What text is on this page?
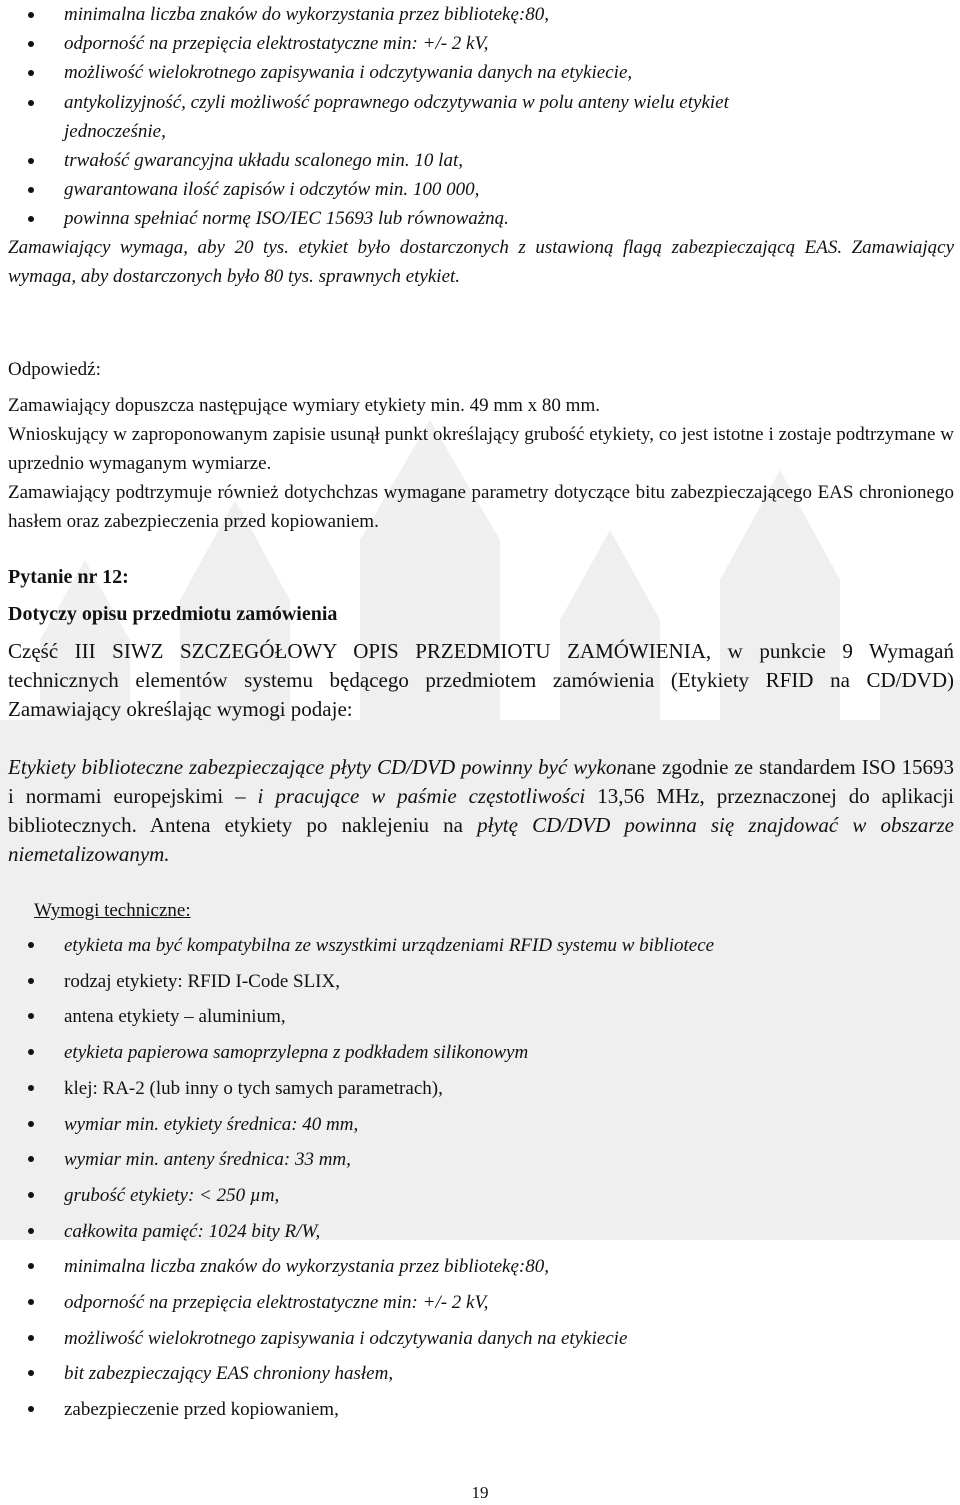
minimalna liczba znaków do wykorzystania przez bibliotekę:80,
odporność na przepięcia elektrostatyczne min: +/- 2 kV,
możliwość wielokrotnego zapisywania i odczytywania danych na etykiecie,
antykolizyjność, czyli możliwość poprawnego odczytywania w polu anteny wielu etykiet
jednocześnie,
trwałość gwarancyjna układu scalonego min. 10 lat,
gwarantowana ilość zapisów i odczytów min. 100 000,
powinna spełniać normę ISO/IEC 15693 lub równoważną.
Zamawiający wymaga, aby 20 tys. etykiet było dostarczonych z ustawioną flagą zabezpieczającą EAS. Zamawiający wymaga, aby dostarczonych było 80 tys. sprawnych etykiet.
Odpowiedź:
Zamawiający dopuszcza następujące wymiary etykiety min. 49 mm x 80 mm.
Wnioskujący w zaproponowanym zapisie usunął punkt określający grubość etykiety, co jest istotne i zostaje podtrzymane w uprzednio wymaganym wymiarze.
Zamawiający podtrzymuje również dotychchzas wymagane parametry dotyczące bitu zabezpieczającego EAS chronionego hasłem oraz zabezpieczenia przed kopiowaniem.
Pytanie nr 12:
Dotyczy opisu przedmiotu zamówienia
Część III SIWZ SZCZEGÓŁOWY OPIS PRZEDMIOTU ZAMÓWIENIA, w punkcie 9 Wymagań technicznych elementów systemu będącego przedmiotem zamówienia (Etykiety RFID na CD/DVD) Zamawiający określając wymogi podaje:
Etykiety biblioteczne zabezpieczające płyty CD/DVD powinny być wykonane zgodnie ze standardem ISO 15693 i normami europejskimi – i pracujące w paśmie częstotliwości 13,56 MHz, przeznaczonej do aplikacji bibliotecznych. Antena etykiety po naklejeniu na płytę CD/DVD powinna się znajdować w obszarze niemetalizowanym.
Wymogi techniczne:
etykieta ma być kompatybilna ze wszystkimi urządzeniami RFID systemu w bibliotece
rodzaj etykiety: RFID I-Code SLIX,
antena etykiety – aluminium,
etykieta papierowa samoprzylepna z podkładem silikonowym
klej: RA-2 (lub inny o tych samych parametrach),
wymiar min. etykiety średnica: 40 mm,
wymiar min. anteny średnica: 33 mm,
grubość etykiety: < 250 µm,
całkowita pamięć: 1024 bity R/W,
minimalna liczba znaków do wykorzystania przez bibliotekę:80,
odporność na przepięcia elektrostatyczne min: +/- 2 kV,
możliwość wielokrotnego zapisywania i odczytywania danych na etykiecie
bit zabezpieczający EAS chroniony hasłem,
zabezpieczenie przed kopiowaniem,
19
